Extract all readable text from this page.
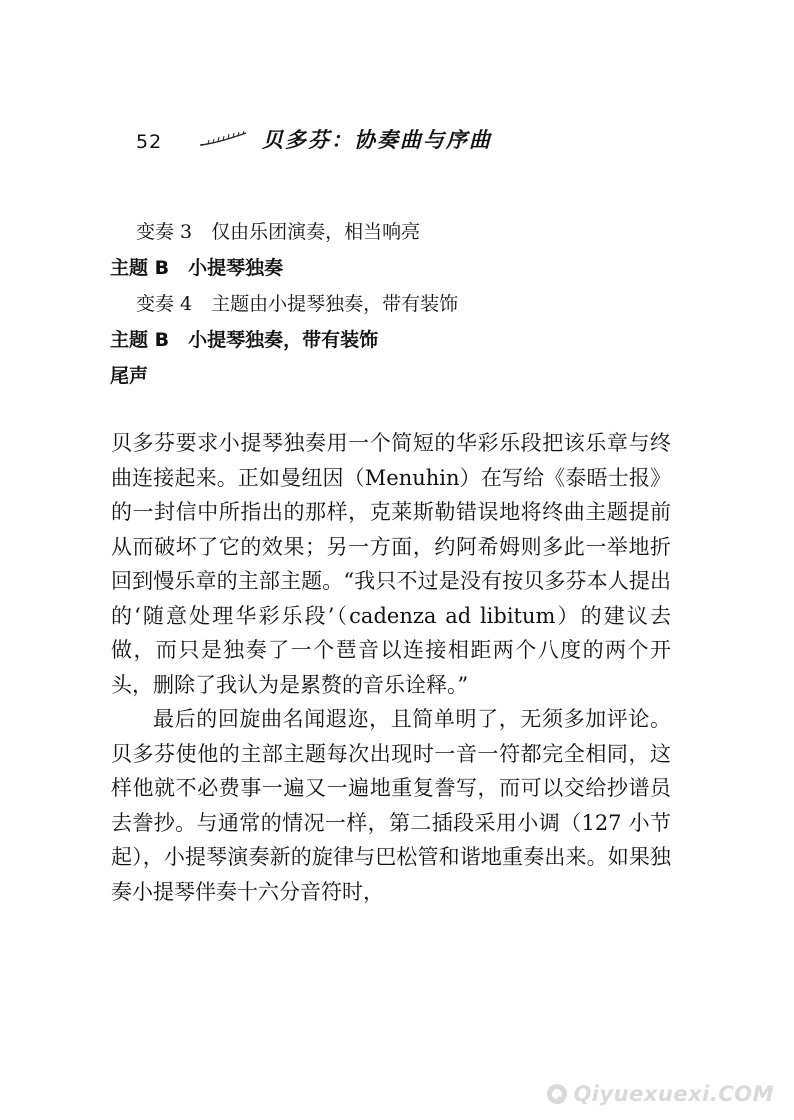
52	贝多芬：协奏曲与序曲
变奏 3　仅由乐团演奏，相当响亮
主题 B　小提琴独奏
变奏 4　主题由小提琴独奏，带有装饰
主题 B　小提琴独奏，带有装饰
尾声

贝多芬要求小提琴独奏用一个简短的华彩乐段把该乐章与终曲连接起来。正如曼纽因（Menuhin）在写给《泰晤士报》的一封信中所指出的那样，克莱斯勒错误地将终曲主题提前从而破坏了它的效果；另一方面，约阿希姆则多此一举地折回到慢乐章的主部主题。“我只不过是没有按贝多芬本人提出的‘随意处理华彩乐段’（cadenza ad libitum）的建议去做，而只是独奏了一个琶音以连接相距两个八度的两个开头，删除了我认为是累赘的音乐诠释。”

最后的回旋曲名闻遐迩，且简单明了，无须多加评论。贝多芬使他的主部主题每次出现时一音一符都完全相同，这样他就不必费事一遍又一遍地重复誊写，而可以交给抄谱员去誊抄。与通常的情况一样，第二插段采用小调（127 小节起），小提琴演奏新的旋律与巴松管和谐地重奏出来。如果独奏小提琴伴奏十六分音符时，

Qiyuexuexi.COM
